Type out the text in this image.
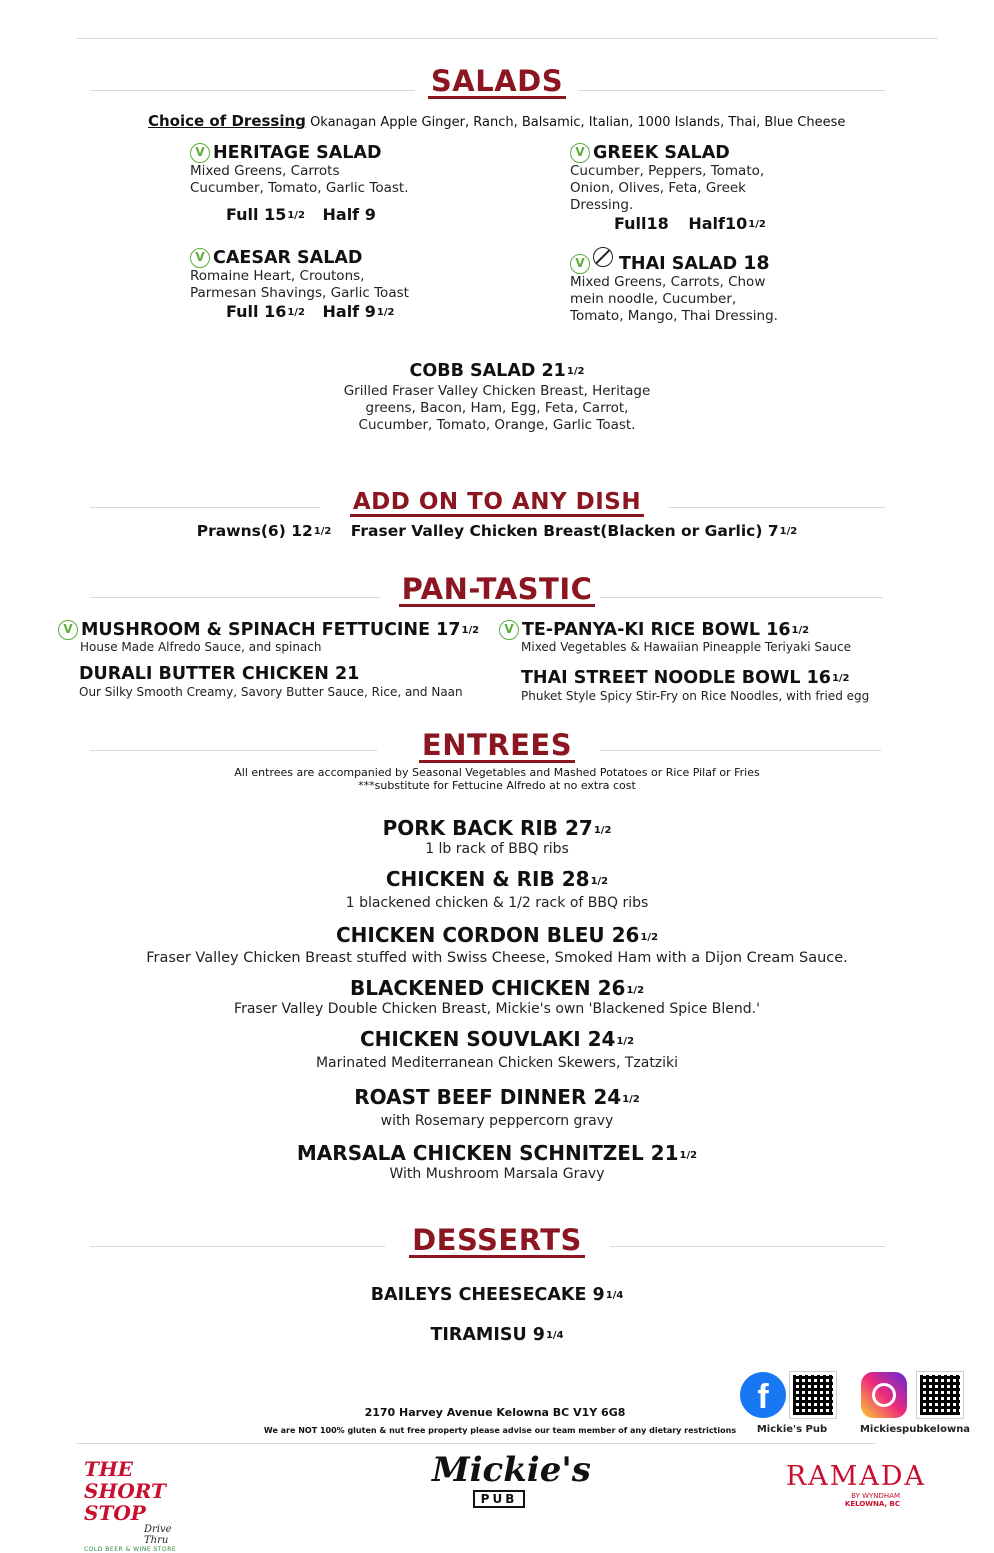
SALADS
Choice of Dressing Okanagan Apple Ginger, Ranch, Balsamic, Italian, 1000 Islands, Thai, Blue Cheese
V HERITAGE SALAD
Mixed Greens, Carrots
Cucumber, Tomato, Garlic Toast.
Full 151/2 Half 9
V GREEK SALAD
Cucumber, Peppers, Tomato,
Onion, Olives, Feta, Greek
Dressing.
Full18 Half101/2
V CAESAR SALAD
Romaine Heart, Croutons,
Parmesan Shavings, Garlic Toast
Full 161/2 Half 91/2
V THAI SALAD 18
Mixed Greens, Carrots, Chow
mein noodle, Cucumber,
Tomato, Mango, Thai Dressing.
COBB SALAD 211/2
Grilled Fraser Valley Chicken Breast, Heritage
greens, Bacon, Ham, Egg, Feta, Carrot,
Cucumber, Tomato, Orange, Garlic Toast.
ADD ON TO ANY DISH
Prawns(6) 121/2 Fraser Valley Chicken Breast(Blacken or Garlic) 71/2
PAN-TASTIC
V MUSHROOM & SPINACH FETTUCINE 171/2
House Made Alfredo Sauce, and spinach
DURALI BUTTER CHICKEN 21
Our Silky Smooth Creamy, Savory Butter Sauce, Rice, and Naan
V TE-PANYA-KI RICE BOWL 161/2
Mixed Vegetables & Hawaiian Pineapple Teriyaki Sauce
THAI STREET NOODLE BOWL 161/2
Phuket Style Spicy Stir-Fry on Rice Noodles, with fried egg
ENTREES
All entrees are accompanied by Seasonal Vegetables and Mashed Potatoes or Rice Pilaf or Fries
***substitute for Fettucine Alfredo at no extra cost
PORK BACK RIB 271/2
1 lb rack of BBQ ribs
CHICKEN & RIB 281/2
1 blackened chicken & 1/2 rack of BBQ ribs
CHICKEN CORDON BLEU 261/2
Fraser Valley Chicken Breast stuffed with Swiss Cheese, Smoked Ham with a Dijon Cream Sauce.
BLACKENED CHICKEN 261/2
Fraser Valley Double Chicken Breast, Mickie's own 'Blackened Spice Blend.'
CHICKEN SOUVLAKI 241/2
Marinated Mediterranean Chicken Skewers, Tzatziki
ROAST BEEF DINNER 241/2
with Rosemary peppercorn gravy
MARSALA CHICKEN SCHNITZEL 211/2
With Mushroom Marsala Gravy
DESSERTS
BAILEYS CHEESECAKE 91/4
TIRAMISU 91/4
f
Mickie's Pub	Mickiespubkelowna
2170 Harvey Avenue Kelowna BC V1Y 6G8
We are NOT 100% gluten & nut free property please advise our team member of any dietary restrictions
THE SHORT STOP
Drive Thru
COLD BEER & WINE STORE
Mickie's
PUB
RAMADA
BY WYNDHAM
KELOWNA, BC
